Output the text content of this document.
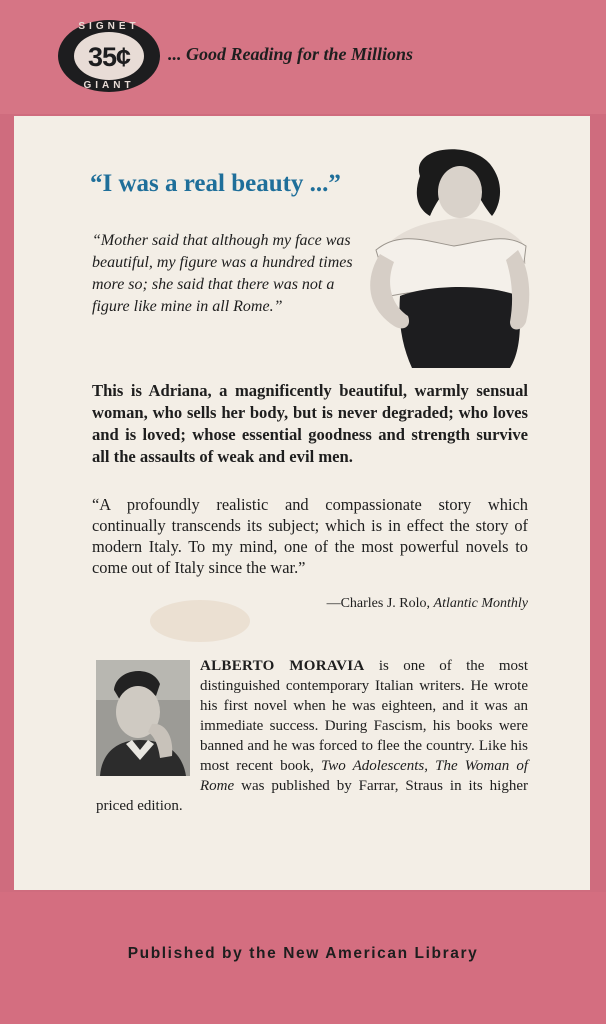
SIGNET
35¢
GIANT
... Good Reading for the Millions
“I was a real beauty ...”
“Mother said that although my face was beautiful, my figure was a hundred times more so; she said that there was not a figure like mine in all Rome.”
This is Adriana, a magnificently beautiful, warmly sensual woman, who sells her body, but is never degraded; who loves and is loved; whose essential goodness and strength survive all the assaults of weak and evil men.
“A profoundly realistic and compassionate story which continually transcends its subject; which is in effect the story of modern Italy. To my mind, one of the most powerful novels to come out of Italy since the war.”
—Charles J. Rolo, Atlantic Monthly
ALBERTO MORAVIA is one of the most distinguished contemporary Italian writers. He wrote his first novel when he was eighteen, and it was an immediate success. During Fascism, his books were banned and he was forced to flee the country. Like his most recent book, Two Adolescents, The Woman of Rome was published by Farrar, Straus in its higher priced edition.
Published by the New American Library
